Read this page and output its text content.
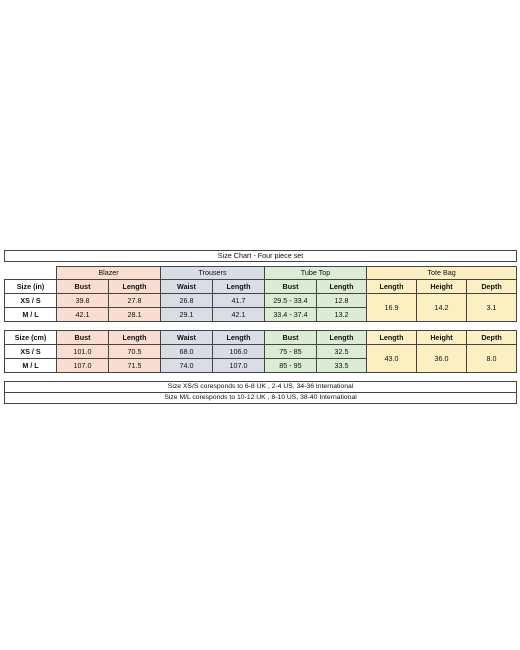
Size Chart - Four piece set									

	Blazer		Trousers		Tube Top		Tote Bag		
Size (in)	Bust	Length	Waist	Length	Bust	Length	Length	Height	Depth
XS / S	39.8	27.8	26.8	41.7	29.5 - 33.4	12.8	16.9	14.2	3.1
M / L	42.1	28.1	29.1	42.1	33.4 - 37.4	13.2			

Size (cm)	Bust	Length	Waist	Length	Bust	Length	Length	Height	Depth
XS / S	101.0	70.5	68.0	106.0	75 - 85	32.5	43.0	36.0	8.0
M / L	107.0	71.5	74.0	107.0	85 - 95	33.5			

Size XS/S coresponds to 6-8 UK , 2-4 US, 34-36 International									
Size M/L coresponds to 10-12 UK , 8-10 US, 38-40 International									
